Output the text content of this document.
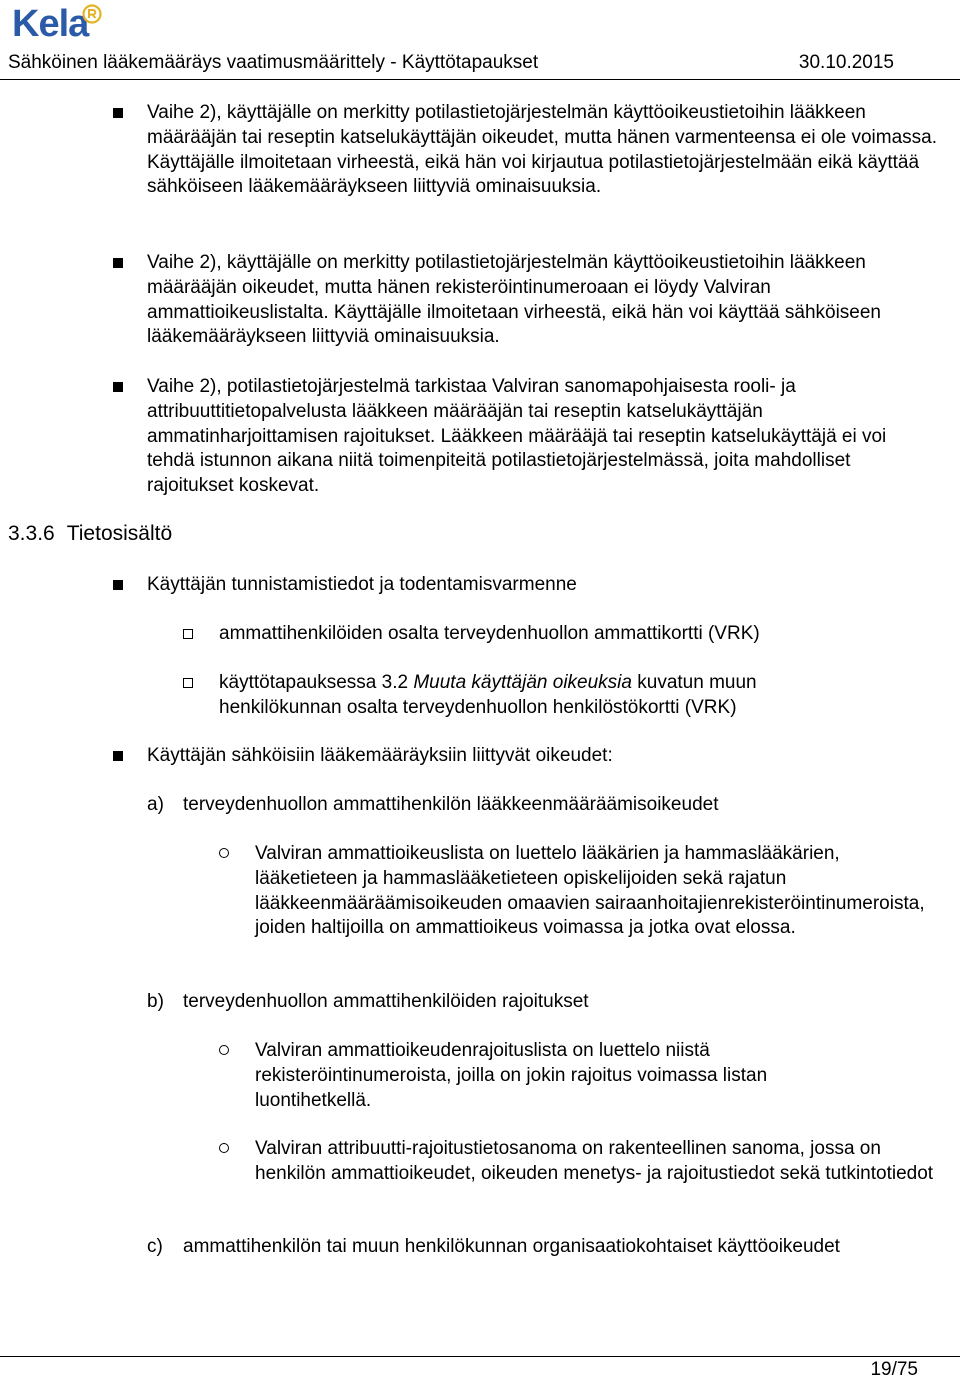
Kela
Sähköinen lääkemääräys vaatimusmäärittely - Käyttötapaukset	30.10.2015
Vaihe 2), käyttäjälle on merkitty potilastietojärjestelmän käyttöoikeustietoihin lääkkeen määrääjän tai reseptin katselukäyttäjän oikeudet, mutta hänen varmenteensa ei ole voimassa. Käyttäjälle ilmoitetaan virheestä, eikä hän voi kirjautua potilastietojärjestelmään eikä käyttää sähköiseen lääkemääräykseen liittyviä ominaisuuksia.
Vaihe 2), käyttäjälle on merkitty potilastietojärjestelmän käyttöoikeustietoihin lääkkeen määrääjän oikeudet, mutta hänen rekisteröintinumeroaan ei löydy Valviran ammattioikeuslistalta. Käyttäjälle ilmoitetaan virheestä, eikä hän voi käyttää sähköiseen lääkemääräykseen liittyviä ominaisuuksia.
Vaihe 2), potilastietojärjestelmä tarkistaa Valviran sanomapohjaisesta rooli- ja attribuuttitietopalvelusta lääkkeen määrääjän tai reseptin katselukäyttäjän ammatinharjoittamisen rajoitukset. Lääkkeen määrääjä tai reseptin katselukäyttäjä ei voi tehdä istunnon aikana niitä toimenpiteitä potilastietojärjestelmässä, joita mahdolliset rajoitukset koskevat.
3.3.6 Tietosisältö
Käyttäjän tunnistamistiedot ja todentamisvarmenne
ammattihenkilöiden osalta terveydenhuollon ammattikortti (VRK)
käyttötapauksessa 3.2 Muuta käyttäjän oikeuksia kuvatun muun henkilökunnan osalta terveydenhuollon henkilöstökortti (VRK)
Käyttäjän sähköisiin lääkemääräyksiin liittyvät oikeudet:
a) terveydenhuollon ammattihenkilön lääkkeenmääräämisoikeudet
Valviran ammattioikeuslista on luettelo lääkärien ja hammaslääkärien, lääketieteen ja hammaslääketieteen opiskelijoiden sekä rajatun lääkkeenmääräämisoikeuden omaavien sairaanhoitajienrekisteröintinumeroista, joiden haltijoilla on ammattioikeus voimassa ja jotka ovat elossa.
b) terveydenhuollon ammattihenkilöiden rajoitukset
Valviran ammattioikeudenrajoituslista on luettelo niistä rekisteröintinumeroista, joilla on jokin rajoitus voimassa listan luontihetkellä.
Valviran attribuutti-rajoitustietosanoma on rakenteellinen sanoma, jossa on henkilön ammattioikeudet, oikeuden menetys- ja rajoitustiedot sekä tutkintotiedot
c) ammattihenkilön tai muun henkilökunnan organisaatiokohtaiset käyttöoikeudet
19/75
